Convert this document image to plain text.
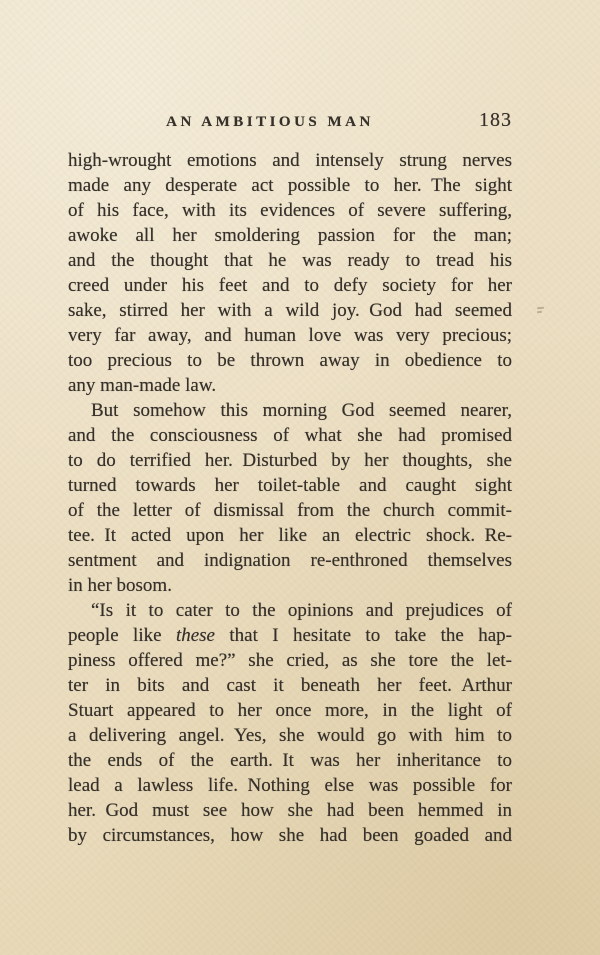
AN AMBITIOUS MAN	183
high-wrought emotions and intensely strung nerves
made any desperate act possible to her. The sight
of his face, with its evidences of severe suffering,
awoke all her smoldering passion for the man;
and the thought that he was ready to tread his
creed under his feet and to defy society for her
sake, stirred her with a wild joy. God had seemed
very far away, and human love was very precious;
too precious to be thrown away in obedience to
any man-made law.
But somehow this morning God seemed nearer,
and the consciousness of what she had promised
to do terrified her. Disturbed by her thoughts, she
turned towards her toilet-table and caught sight
of the letter of dismissal from the church commit-
tee. It acted upon her like an electric shock. Re-
sentment and indignation re-enthroned themselves
in her bosom.
“Is it to cater to the opinions and prejudices of
people like these that I hesitate to take the hap-
piness offered me?” she cried, as she tore the let-
ter in bits and cast it beneath her feet. Arthur
Stuart appeared to her once more, in the light of
a delivering angel. Yes, she would go with him to
the ends of the earth. It was her inheritance to
lead a lawless life. Nothing else was possible for
her. God must see how she had been hemmed in
by circumstances, how she had been goaded and
